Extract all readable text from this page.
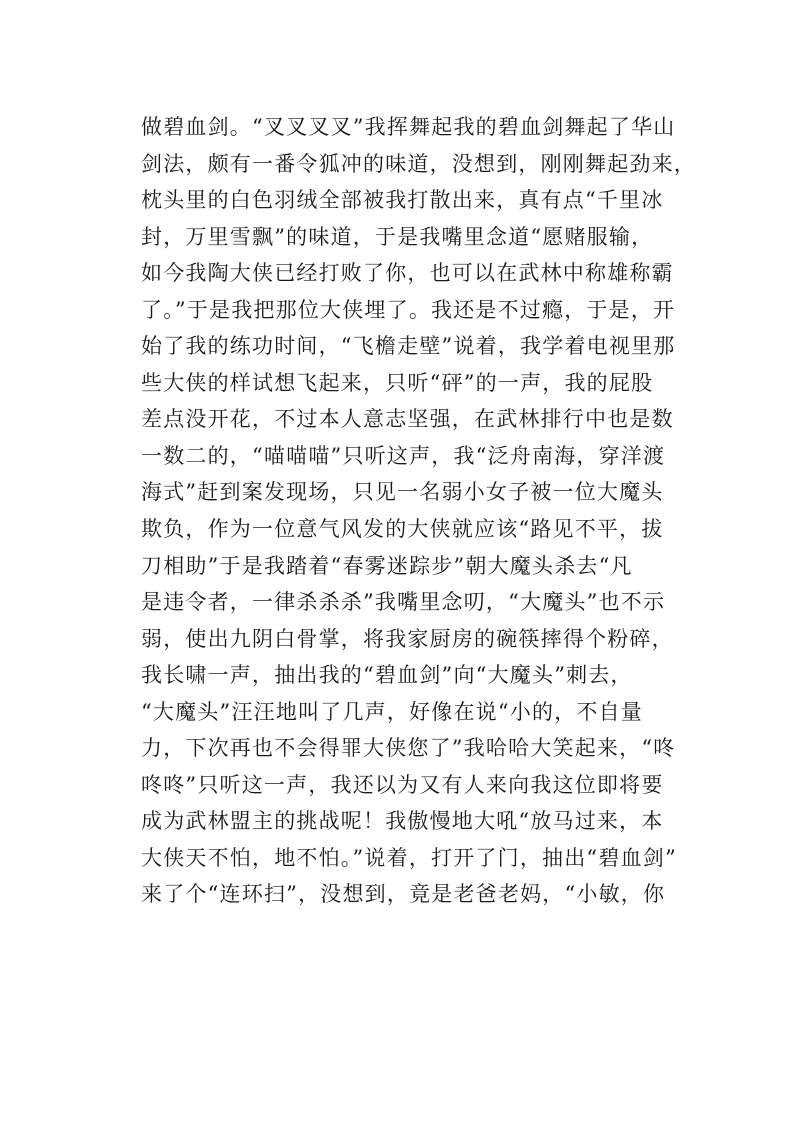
做碧血剑。“叉叉叉叉”我挥舞起我的碧血剑舞起了华山
剑法，颇有一番令狐冲的味道，没想到，刚刚舞起劲来，
枕头里的白色羽绒全部被我打散出来，真有点“千里冰
封，万里雪飘”的味道，于是我嘴里念道“愿赌服输，
如今我陶大侠已经打败了你，也可以在武林中称雄称霸
了。”于是我把那位大侠埋了。我还是不过瘾，于是，开
始了我的练功时间，“飞檐走壁”说着，我学着电视里那
些大侠的样试想飞起来，只听“砰”的一声，我的屁股
差点没开花，不过本人意志坚强，在武林排行中也是数
一数二的，“喵喵喵”只听这声，我“泛舟南海，穿洋渡
海式”赶到案发现场，只见一名弱小女子被一位大魔头
欺负，作为一位意气风发的大侠就应该“路见不平，拔
刀相助”于是我踏着“春雾迷踪步”朝大魔头杀去“凡
是违令者，一律杀杀杀”我嘴里念叨，“大魔头”也不示
弱，使出九阴白骨掌，将我家厨房的碗筷摔得个粉碎，
我长啸一声，抽出我的“碧血剑”向“大魔头”刺去，
“大魔头”汪汪地叫了几声，好像在说“小的，不自量
力，下次再也不会得罪大侠您了”我哈哈大笑起来，“咚
咚咚”只听这一声，我还以为又有人来向我这位即将要
成为武林盟主的挑战呢！我傲慢地大吼“放马过来，本
大侠天不怕，地不怕。”说着，打开了门，抽出“碧血剑”
来了个“连环扫”，没想到，竟是老爸老妈，“小敏，你
